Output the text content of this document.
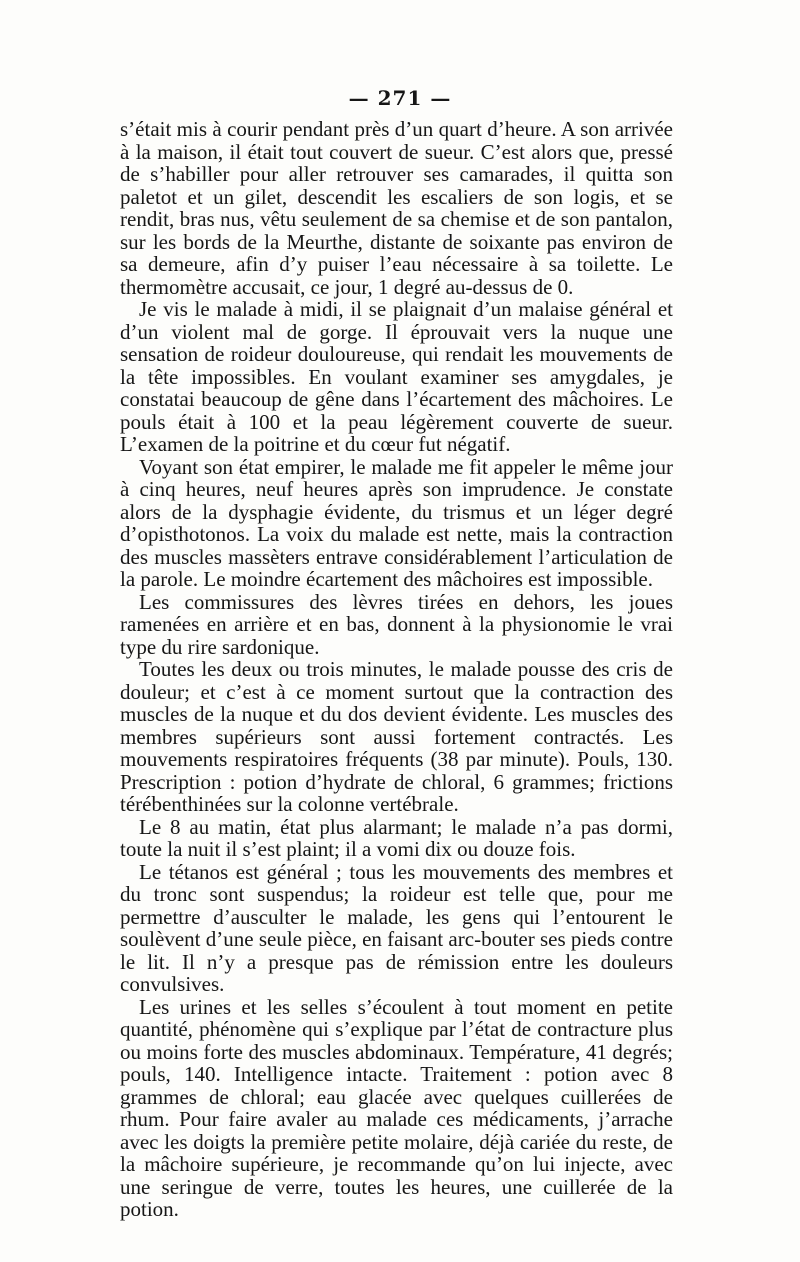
— 271 —

s’était mis à courir pendant près d’un quart d’heure. A son arrivée à la maison, il était tout couvert de sueur. C’est alors que, pressé de s’habiller pour aller retrouver ses camarades, il quitta son paletot et un gilet, descendit les escaliers de son logis, et se rendit, bras nus, vêtu seulement de sa chemise et de son pantalon, sur les bords de la Meurthe, distante de soixante pas environ de sa demeure, afin d’y puiser l’eau nécessaire à sa toilette. Le thermomètre accusait, ce jour, 1 degré au-dessus de 0.

Je vis le malade à midi, il se plaignait d’un malaise général et d’un violent mal de gorge. Il éprouvait vers la nuque une sensation de roideur douloureuse, qui rendait les mouvements de la tête impossibles. En voulant examiner ses amygdales, je constatai beaucoup de gêne dans l’écartement des mâchoires. Le pouls était à 100 et la peau légèrement couverte de sueur. L’examen de la poitrine et du cœur fut négatif.

Voyant son état empirer, le malade me fit appeler le même jour à cinq heures, neuf heures après son imprudence. Je constate alors de la dysphagie évidente, du trismus et un léger degré d’opisthotonos. La voix du malade est nette, mais la contraction des muscles massèters entrave considérablement l’articulation de la parole. Le moindre écartement des mâchoires est impossible.

Les commissures des lèvres tirées en dehors, les joues ramenées en arrière et en bas, donnent à la physionomie le vrai type du rire sardonique.

Toutes les deux ou trois minutes, le malade pousse des cris de douleur; et c’est à ce moment surtout que la contraction des muscles de la nuque et du dos devient évidente. Les muscles des membres supérieurs sont aussi fortement contractés. Les mouvements respiratoires fréquents (38 par minute). Pouls, 130. Prescription : potion d’hydrate de chloral, 6 grammes; frictions térébenthinées sur la colonne vertébrale.

Le 8 au matin, état plus alarmant; le malade n’a pas dormi, toute la nuit il s’est plaint; il a vomi dix ou douze fois.

Le tétanos est général ; tous les mouvements des membres et du tronc sont suspendus; la roideur est telle que, pour me permettre d’ausculter le malade, les gens qui l’entourent le soulèvent d’une seule pièce, en faisant arc-bouter ses pieds contre le lit. Il n’y a presque pas de rémission entre les douleurs convulsives.

Les urines et les selles s’écoulent à tout moment en petite quantité, phénomène qui s’explique par l’état de contracture plus ou moins forte des muscles abdominaux. Température, 41 degrés; pouls, 140. Intelligence intacte. Traitement : potion avec 8 grammes de chloral; eau glacée avec quelques cuillerées de rhum. Pour faire avaler au malade ces médicaments, j’arrache avec les doigts la première petite molaire, déjà cariée du reste, de la mâchoire supérieure, je recommande qu’on lui injecte, avec une seringue de verre, toutes les heures, une cuillerée de la potion.
